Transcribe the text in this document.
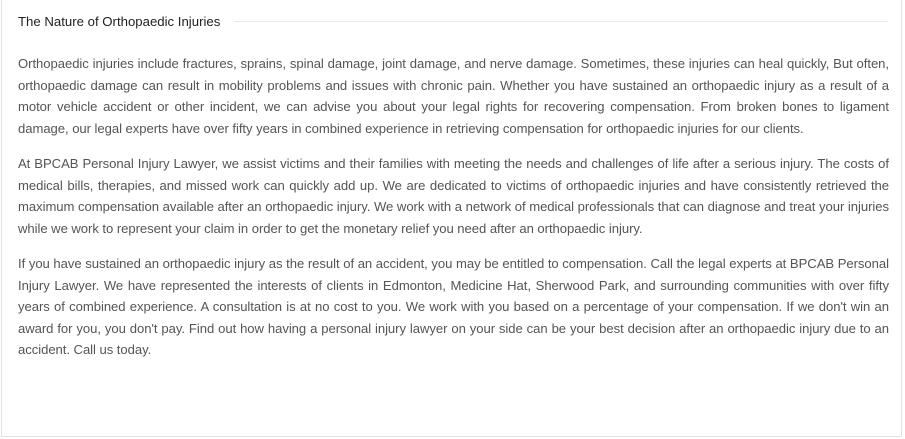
The Nature of Orthopaedic Injuries

Orthopaedic injuries include fractures, sprains, spinal damage, joint damage, and nerve damage. Sometimes, these injuries can heal quickly, But often, orthopaedic damage can result in mobility problems and issues with chronic pain. Whether you have sustained an orthopaedic injury as a result of a motor vehicle accident or other incident, we can advise you about your legal rights for recovering compensation. From broken bones to ligament damage, our legal experts have over fifty years in combined experience in retrieving compensation for orthopaedic injuries for our clients.

At BPCAB Personal Injury Lawyer, we assist victims and their families with meeting the needs and challenges of life after a serious injury. The costs of medical bills, therapies, and missed work can quickly add up. We are dedicated to victims of orthopaedic injuries and have consistently retrieved the maximum compensation available after an orthopaedic injury. We work with a network of medical professionals that can diagnose and treat your injuries while we work to represent your claim in order to get the monetary relief you need after an orthopaedic injury.

If you have sustained an orthopaedic injury as the result of an accident, you may be entitled to compensation. Call the legal experts at BPCAB Personal Injury Lawyer. We have represented the interests of clients in Edmonton, Medicine Hat, Sherwood Park, and surrounding communities with over fifty years of combined experience. A consultation is at no cost to you. We work with you based on a percentage of your compensation. If we don't win an award for you, you don't pay. Find out how having a personal injury lawyer on your side can be your best decision after an orthopaedic injury due to an accident. Call us today.
